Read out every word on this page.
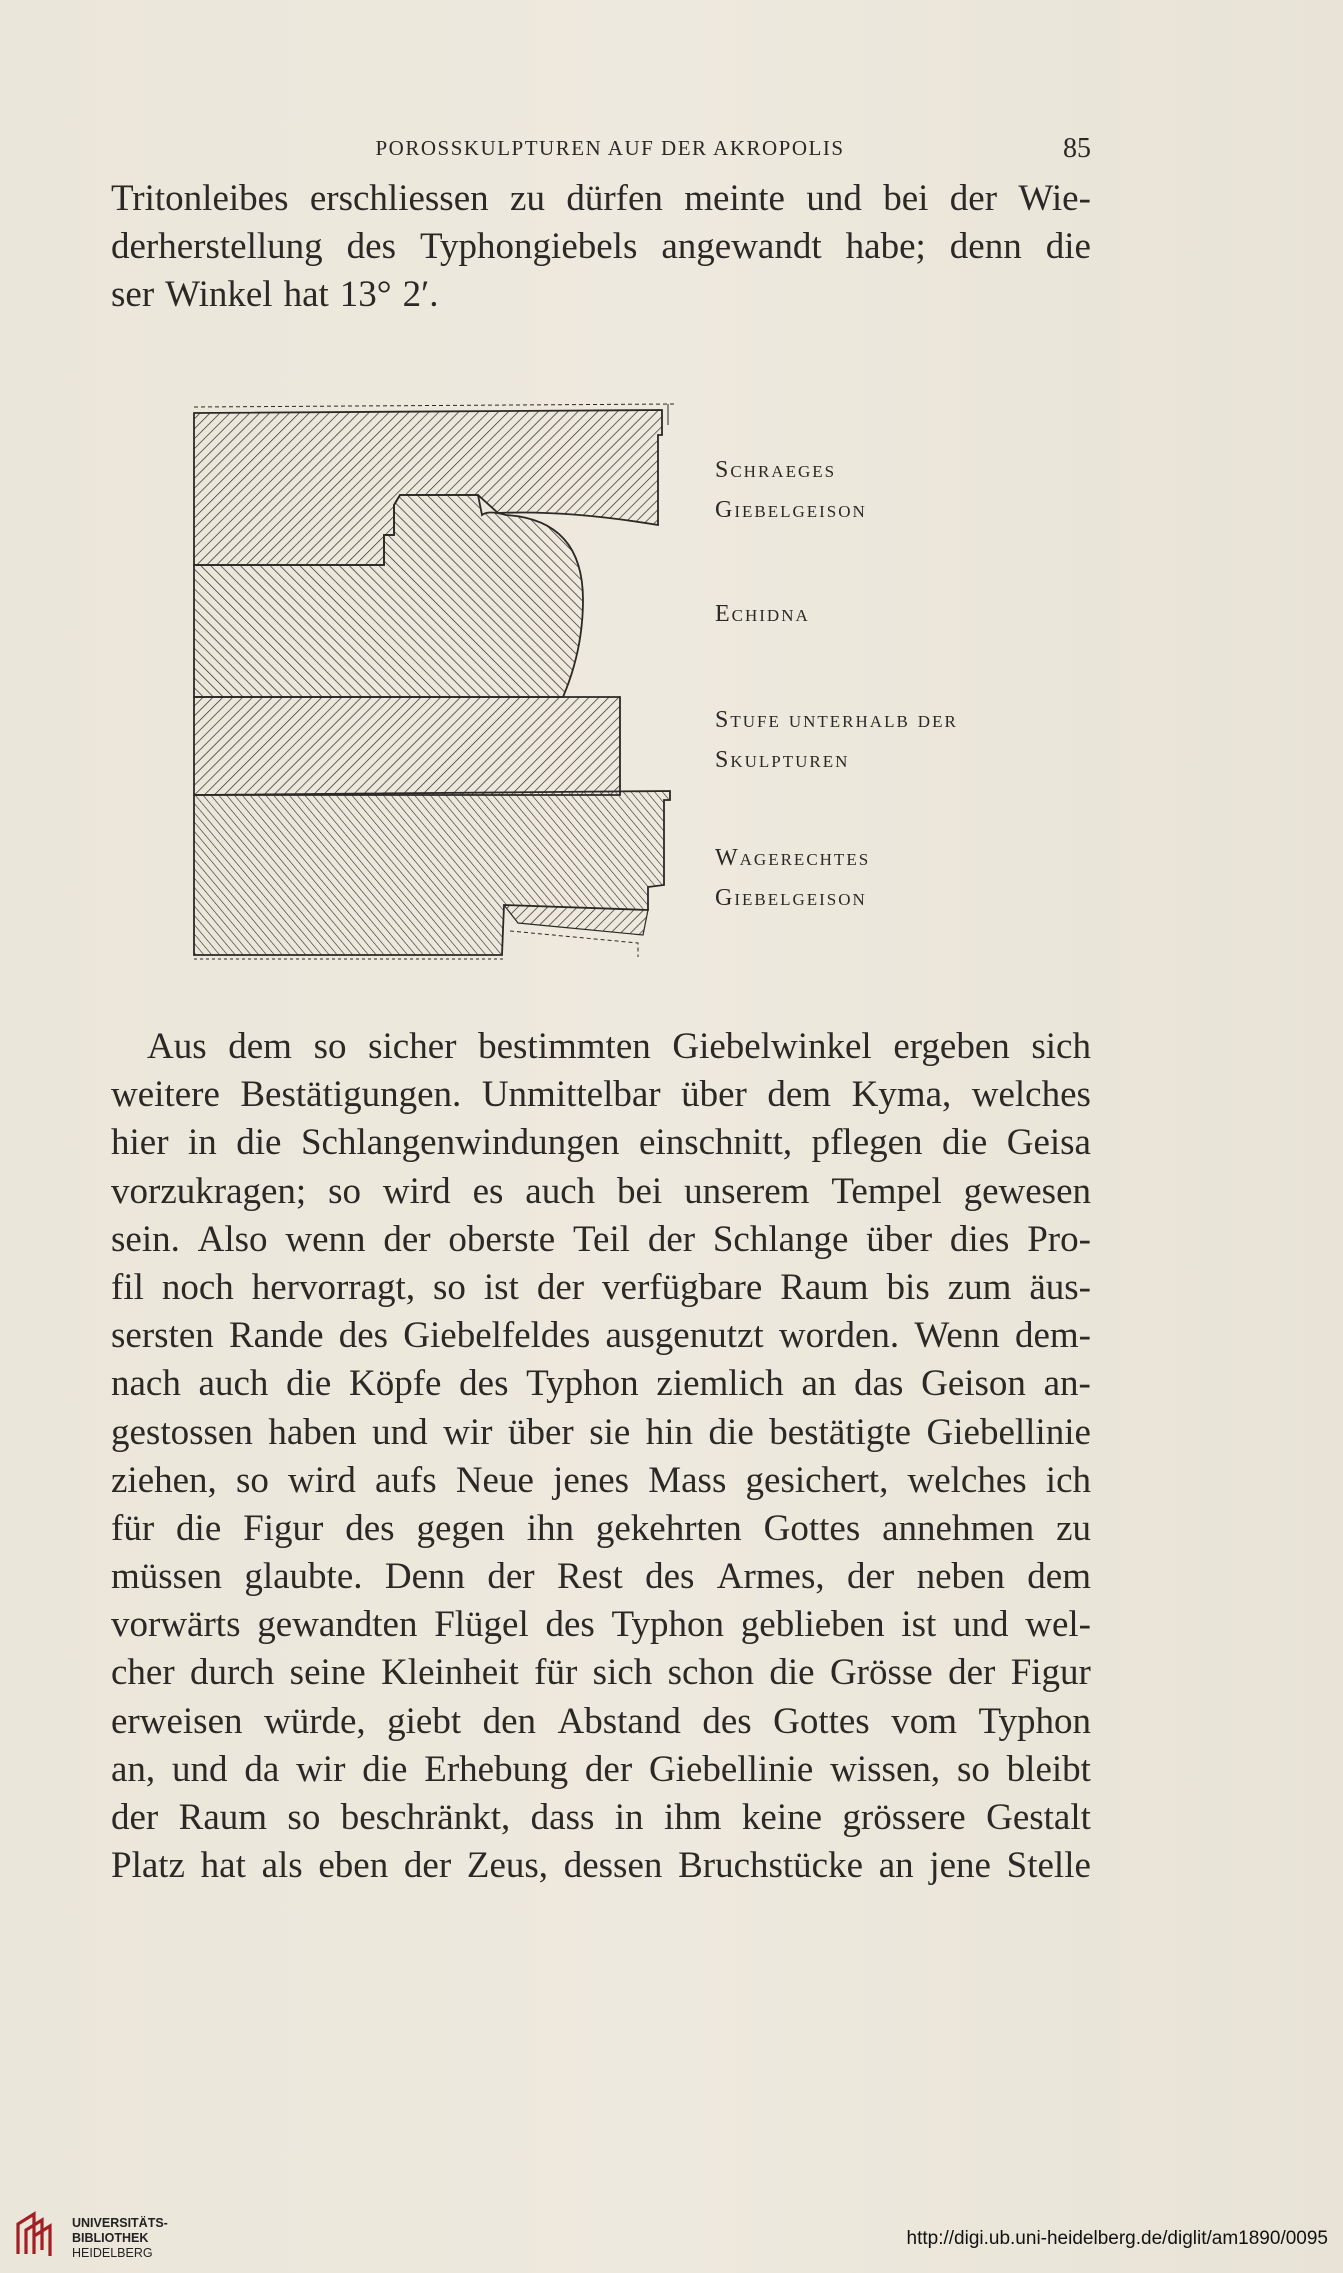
POROSSKULPTUREN AUF DER AKROPOLIS	85
Tritonleibes erschliessen zu dürfen meinte und bei der Wie-
derherstellung des Typhongiebels angewandt habe; denn die
ser Winkel hat 13° 2′.
Schraeges
Giebelgeison
Echidna
Stufe unterhalb der
Skulpturen
Wagerechtes
Giebelgeison
Aus dem so sicher bestimmten Giebelwinkel ergeben sich
weitere Bestätigungen. Unmittelbar über dem Kyma, welches
hier in die Schlangenwindungen einschnitt, pflegen die Geisa
vorzukragen; so wird es auch bei unserem Tempel gewesen
sein. Also wenn der oberste Teil der Schlange über dies Pro-
fil noch hervorragt, so ist der verfügbare Raum bis zum äus-
sersten Rande des Giebelfeldes ausgenutzt worden. Wenn dem-
nach auch die Köpfe des Typhon ziemlich an das Geison an-
gestossen haben und wir über sie hin die bestätigte Giebellinie
ziehen, so wird aufs Neue jenes Mass gesichert, welches ich
für die Figur des gegen ihn gekehrten Gottes annehmen zu
müssen glaubte. Denn der Rest des Armes, der neben dem
vorwärts gewandten Flügel des Typhon geblieben ist und wel-
cher durch seine Kleinheit für sich schon die Grösse der Figur
erweisen würde, giebt den Abstand des Gottes vom Typhon
an, und da wir die Erhebung der Giebellinie wissen, so bleibt
der Raum so beschränkt, dass in ihm keine grössere Gestalt
Platz hat als eben der Zeus, dessen Bruchstücke an jene Stelle
UNIVERSITÄTS-
BIBLIOTHEK
HEIDELBERG
http://digi.ub.uni-heidelberg.de/diglit/am1890/0095
